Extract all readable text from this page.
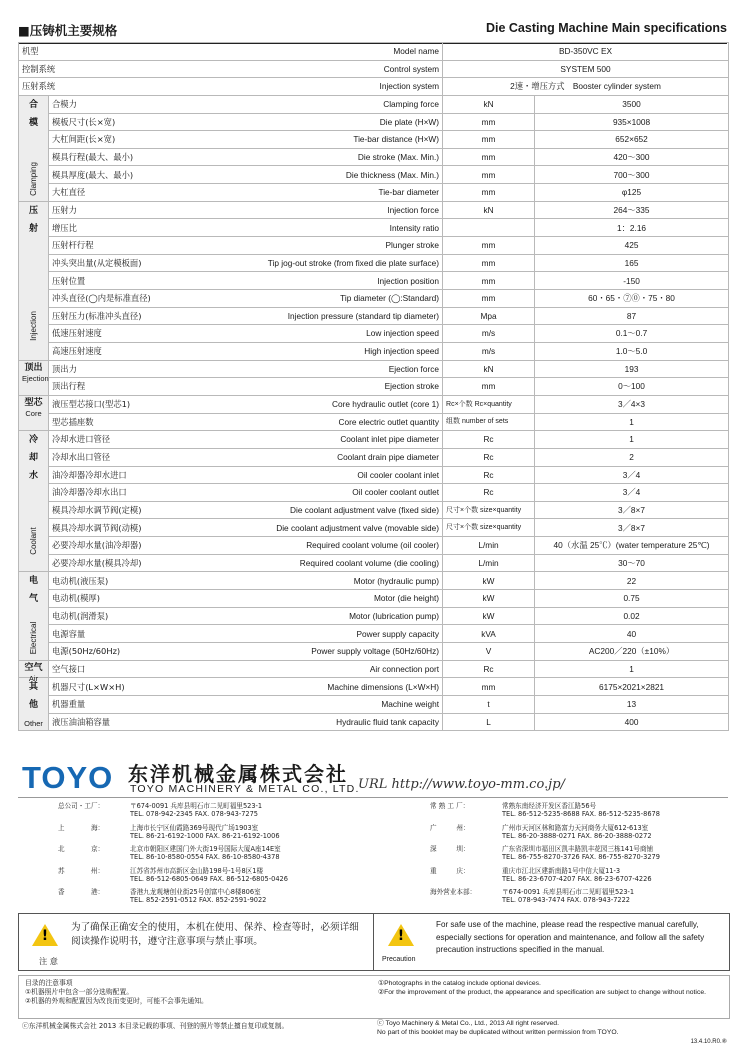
■压铸机主要规格	Die Casting Machine Main specifications
机型		Model name	BD-350VC EX	
控制系统		Control system	SYSTEM 500	
压射系统		Injection system	2速・增压方式　Booster cylinder system	

合
模
Clamping	合模力	Clamping force	kN	3500
	模板尺寸(长×宽)	Die plate (H×W)	mm	935×1008
	大杠间距(长×宽)	Tie-bar distance (H×W)	mm	652×652
	模具行程(最大、最小)	Die stroke (Max. Min.)	mm	420～300
	模具厚度(最大、最小)	Die thickness (Max. Min.)	mm	700～300
	大杠直径	Tie-bar diameter	mm	φ125

压
射
Injection	压射力	Injection force	kN	264～335
	增压比	Intensity ratio		1：2.16
	压射杆行程	Plunger stroke	mm	425
	冲头突出量(从定模板面)	Tip jog-out stroke (from fixed die plate surface)	mm	165
	压射位置	Injection position	mm	-150
	冲头直径(◯内是标准直径)	Tip diameter (◯:Standard)	mm	60・65・⑦⓪・75・80
	压射压力(标准冲头直径)	Injection pressure (standard tip diameter)	Mpa	87
	低速压射速度	Low injection speed	m/s	0.1～0.7
	高速压射速度	High injection speed	m/s	1.0～5.0

顶出
Ejection	顶出力	Ejection force	kN	193
	顶出行程	Ejection stroke	mm	0～100

型芯
Core	液压型芯接口(型芯1)	Core hydraulic outlet (core 1)	Rc×个数 Rc×quantity	3／4×3
	型芯插座数	Core electric outlet quantity	组数 number of sets	1

冷
却
水
Coolant	冷却水进口管径	Coolant inlet pipe diameter	Rc	1
	冷却水出口管径	Coolant drain pipe diameter	Rc	2
	油冷却器冷却水进口	Oil cooler coolant inlet	Rc	3／4
	油冷却器冷却水出口	Oil cooler coolant outlet	Rc	3／4
	模具冷却水调节阀(定模)	Die coolant adjustment valve (fixed side)	尺寸×个数 size×quantity	3／8×7
	模具冷却水调节阀(动模)	Die coolant adjustment valve (movable side)	尺寸×个数 size×quantity	3／8×7
	必要冷却水量(油冷却器)	Required coolant volume (oil cooler)	L/min	40（水温 25℃）(water temperature 25℃)
	必要冷却水量(模具冷却)	Required coolant volume (die cooling)	L/min	30～70

电
气
Electrical	电动机(液压泵)	Motor (hydraulic pump)	kW	22
	电动机(模厚)	Motor (die height)	kW	0.75
	电动机(润滑泵)	Motor (lubrication pump)	kW	0.02
	电源容量	Power supply capacity	kVA	40
	电源(50Hz/60Hz)	Power supply voltage (50Hz/60Hz)	V	AC200／220（±10%）

空气
Air	空气接口	Air connection port	Rc	1

其
他
Other	机器尺寸(L×W×H)	Machine dimensions (L×W×H)	mm	6175×2021×2821
	机器重量	Machine weight	t	13
	液压油油箱容量	Hydraulic fluid tank capacity	L	400
TOYO 东洋机械金属株式会社
TOYO MACHINERY & METAL CO., LTD.
URL http://www.toyo-mm.co.jp/
总公司・工厂：	〒674-0091 兵库县明石市二见町福里523-1
TEL. 078-942-2345 FAX. 078-943-7275
上　　　　海：	上海市长宁区仙霞路369号现代广场1903室
TEL. 86-21-6192-1000 FAX. 86-21-6192-1006
北　　　　京：	北京市朝阳区建国门外大街19号国际大厦A座14E室
TEL. 86-10-8580-0554 FAX. 86-10-8580-4378
苏　　　　州：	江苏省苏州市高新区金山路198号-1号8区1楼
TEL. 86-512-6805-0649 FAX. 86-512-6805-0426
香　　　　港：	香港九龙观塘创业街25号创富中心8楼806室
TEL. 852-2591-0512 FAX. 852-2591-9022
常 熟 工 厂：	常熟东南经济开发区香江路56号
TEL. 86-512-5235-8688 FAX. 86-512-5235-8678
广　　　州：	广州市天河区林和路富力天河商务大厦612-613室
TEL. 86-20-3888-0271 FAX. 86-20-3888-0272
深　　　圳：	广东省深圳市福田区凯丰路凯丰花园三栋141号商铺
TEL. 86-755-8270-3726 FAX. 86-755-8270-3279
重　　　庆：	重庆市江北区建新南路1号中信大厦11-3
TEL. 86-23-6707-4207 FAX. 86-23-6707-4226
海外营业本部：	〒674-0091 兵库县明石市二见町福里523-1
TEL. 078-943-7474 FAX. 078-943-7222
!
为了确保正确安全的使用，本机在使用、保养、检查等时，必须详细阅读操作说明书，遵守注意事项与禁止事项。
注 意
!
For safe use of the machine, please read the respective manual carefully, especially sections for operation and maintenance, and follow all the safety precaution instructions specified in the manual.
Precaution
目录的注意事项
①机器照片中包含一部分选购配置。
②机器的外观和配置因为改良而变更时，可能不会事先通知。
①Photographs in the catalog include optional devices.
②For the improvement of the product, the appearance and specification are subject to change without notice.
ⓒ东洋机械金属株式会社 2013 本目录记载的事项、刊登的照片等禁止擅自复印或复制。	ⓒ Toyo Machinery & Metal Co., Ltd., 2013 All right reserved.
No part of this booklet may be duplicated without written permission from TOYO.
13.4.10.R0.⑧
